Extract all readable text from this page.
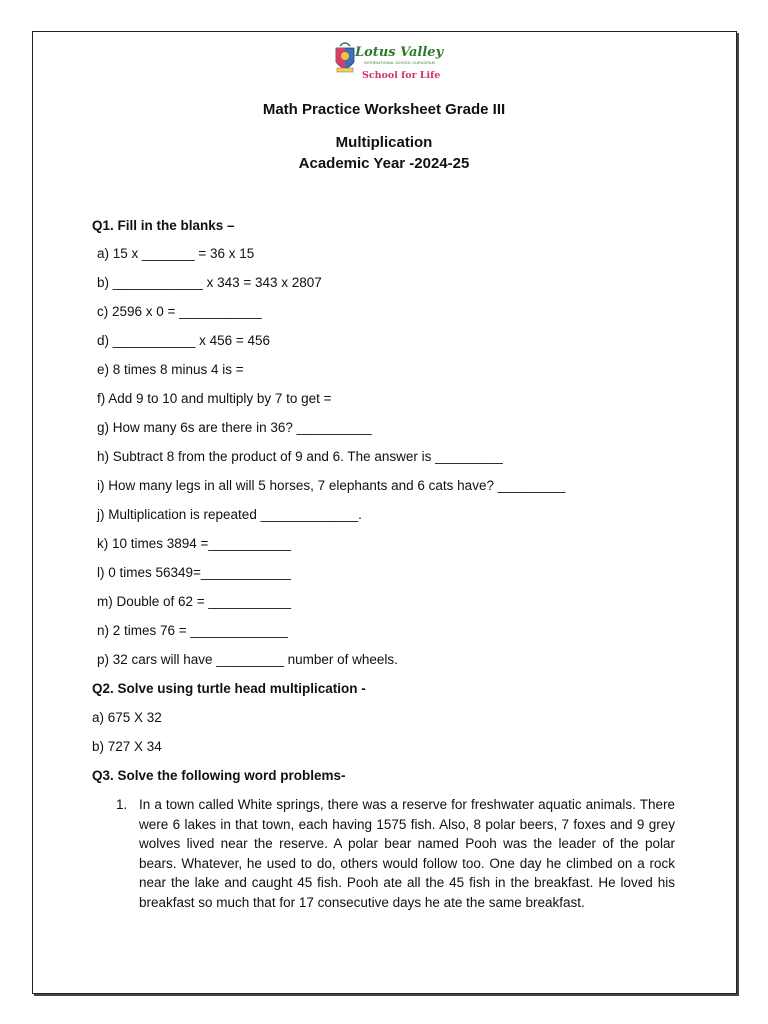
Lotus Valley
INTERNATIONAL SCHOOL GURUGRAM
School for Life
Math Practice Worksheet Grade III
Multiplication
Academic Year -2024-25
Q1. Fill in the blanks –
a) 15 x _______ = 36 x 15
b) ____________ x 343 = 343 x 2807
c) 2596 x 0 = ___________
d) ___________ x 456 = 456
e) 8 times 8 minus 4 is =
f) Add 9 to 10 and multiply by 7 to get =
g) How many 6s are there in 36? __________
h) Subtract 8 from the product of 9 and 6. The answer is _________
i) How many legs in all will 5 horses, 7 elephants and 6 cats have? _________
j) Multiplication is repeated _____________.
k) 10 times 3894 =___________
l) 0 times 56349=____________
m) Double of 62 = ___________
n) 2 times 76 = _____________
p) 32 cars will have _________ number of wheels.
Q2. Solve using turtle head multiplication -
a) 675 X 32
b) 727 X 34
Q3. Solve the following word problems-
1. In a town called White springs, there was a reserve for freshwater aquatic animals. There were 6 lakes in that town, each having 1575 fish. Also, 8 polar beers, 7 foxes and 9 grey wolves lived near the reserve. A polar bear named Pooh was the leader of the polar bears. Whatever, he used to do, others would follow too. One day he climbed on a rock near the lake and caught 45 fish. Pooh ate all the 45 fish in the breakfast. He loved his breakfast so much that for 17 consecutive days he ate the same breakfast.
